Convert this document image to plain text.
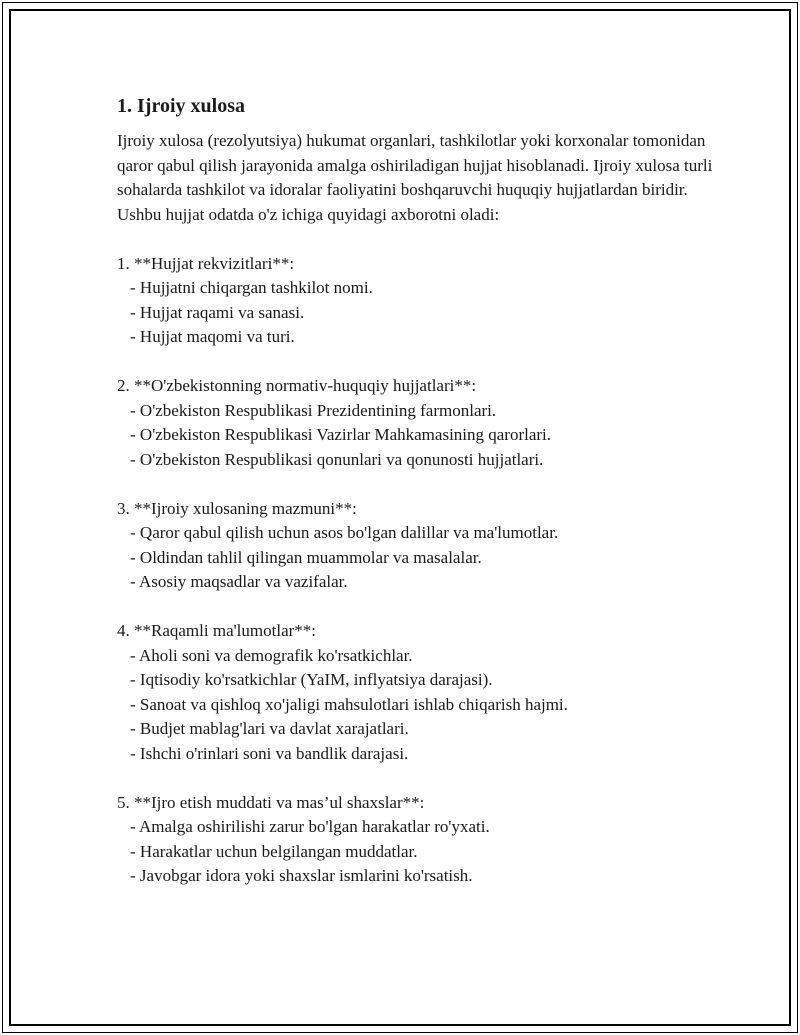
1. Ijroiy xulosa

Ijroiy xulosa (rezolyutsiya) hukumat organlari, tashkilotlar yoki korxonalar tomonidan qaror qabul qilish jarayonida amalga oshiriladigan hujjat hisoblanadi. Ijroiy xulosa turli sohalarda tashkilot va idoralar faoliyatini boshqaruvchi huquqiy hujjatlardan biridir. Ushbu hujjat odatda o'z ichiga quyidagi axborotni oladi:

1. **Hujjat rekvizitlari**:
- Hujjatni chiqargan tashkilot nomi.
- Hujjat raqami va sanasi.
- Hujjat maqomi va turi.
2. **O'zbekistonning normativ-huquqiy hujjatlari**:
- O'zbekiston Respublikasi Prezidentining farmonlari.
- O'zbekiston Respublikasi Vazirlar Mahkamasining qarorlari.
- O'zbekiston Respublikasi qonunlari va qonunosti hujjatlari.
3. **Ijroiy xulosaning mazmuni**:
- Qaror qabul qilish uchun asos bo'lgan dalillar va ma'lumotlar.
- Oldindan tahlil qilingan muammolar va masalalar.
- Asosiy maqsadlar va vazifalar.
4. **Raqamli ma'lumotlar**:
- Aholi soni va demografik ko'rsatkichlar.
- Iqtisodiy ko'rsatkichlar (YaIM, inflyatsiya darajasi).
- Sanoat va qishloq xo'jaligi mahsulotlari ishlab chiqarish hajmi.
- Budjet mablag'lari va davlat xarajatlari.
- Ishchi o'rinlari soni va bandlik darajasi.
5. **Ijro etish muddati va mas’ul shaxslar**:
- Amalga oshirilishi zarur bo'lgan harakatlar ro'yxati.
- Harakatlar uchun belgilangan muddatlar.
- Javobgar idora yoki shaxslar ismlarini ko'rsatish.
